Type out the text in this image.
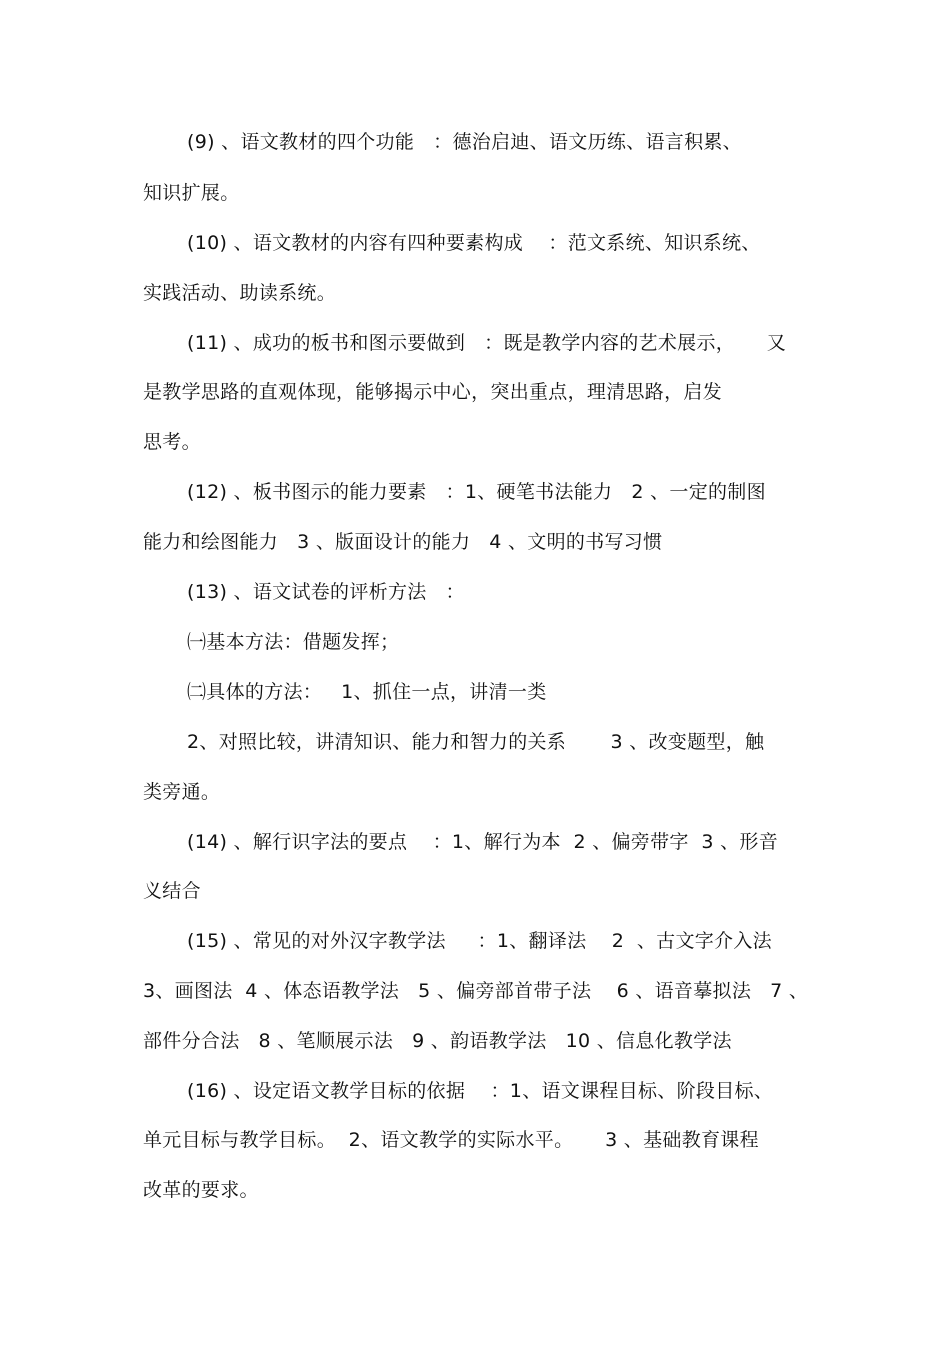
(9) 、语文教材的四个功能   ：德治启迪、语文历练、语言积累、
知识扩展。
(10) 、语文教材的内容有四种要素构成    ：范文系统、知识系统、
实践活动、助读系统。
(11) 、成功的板书和图示要做到   ：既是教学内容的艺术展示，     又
是教学思路的直观体现，能够揭示中心，突出重点，理清思路，启发
思考。
(12) 、板书图示的能力要素   ：1、硬笔书法能力   2 、一定的制图
能力和绘图能力   3 、版面设计的能力   4 、文明的书写习惯
(13) 、语文试卷的评析方法   ：
㈠基本方法：借题发挥；
㈡具体的方法：   1、抓住一点，讲清一类
2、对照比较，讲清知识、能力和智力的关系       3 、改变题型，触
类旁通。
(14) 、解行识字法的要点    ：1、解行为本  2 、偏旁带字  3 、形音
义结合
(15) 、常见的对外汉字教学法     ：1、翻译法    2  、古文字介入法
3、画图法  4 、体态语教学法   5 、偏旁部首带子法    6 、语音摹拟法   7 、
部件分合法   8 、笔顺展示法   9 、韵语教学法   10 、信息化教学法
(16) 、设定语文教学目标的依据    ：1、语文课程目标、阶段目标、
单元目标与教学目标。  2、语文教学的实际水平。     3 、基础教育课程
改革的要求。
